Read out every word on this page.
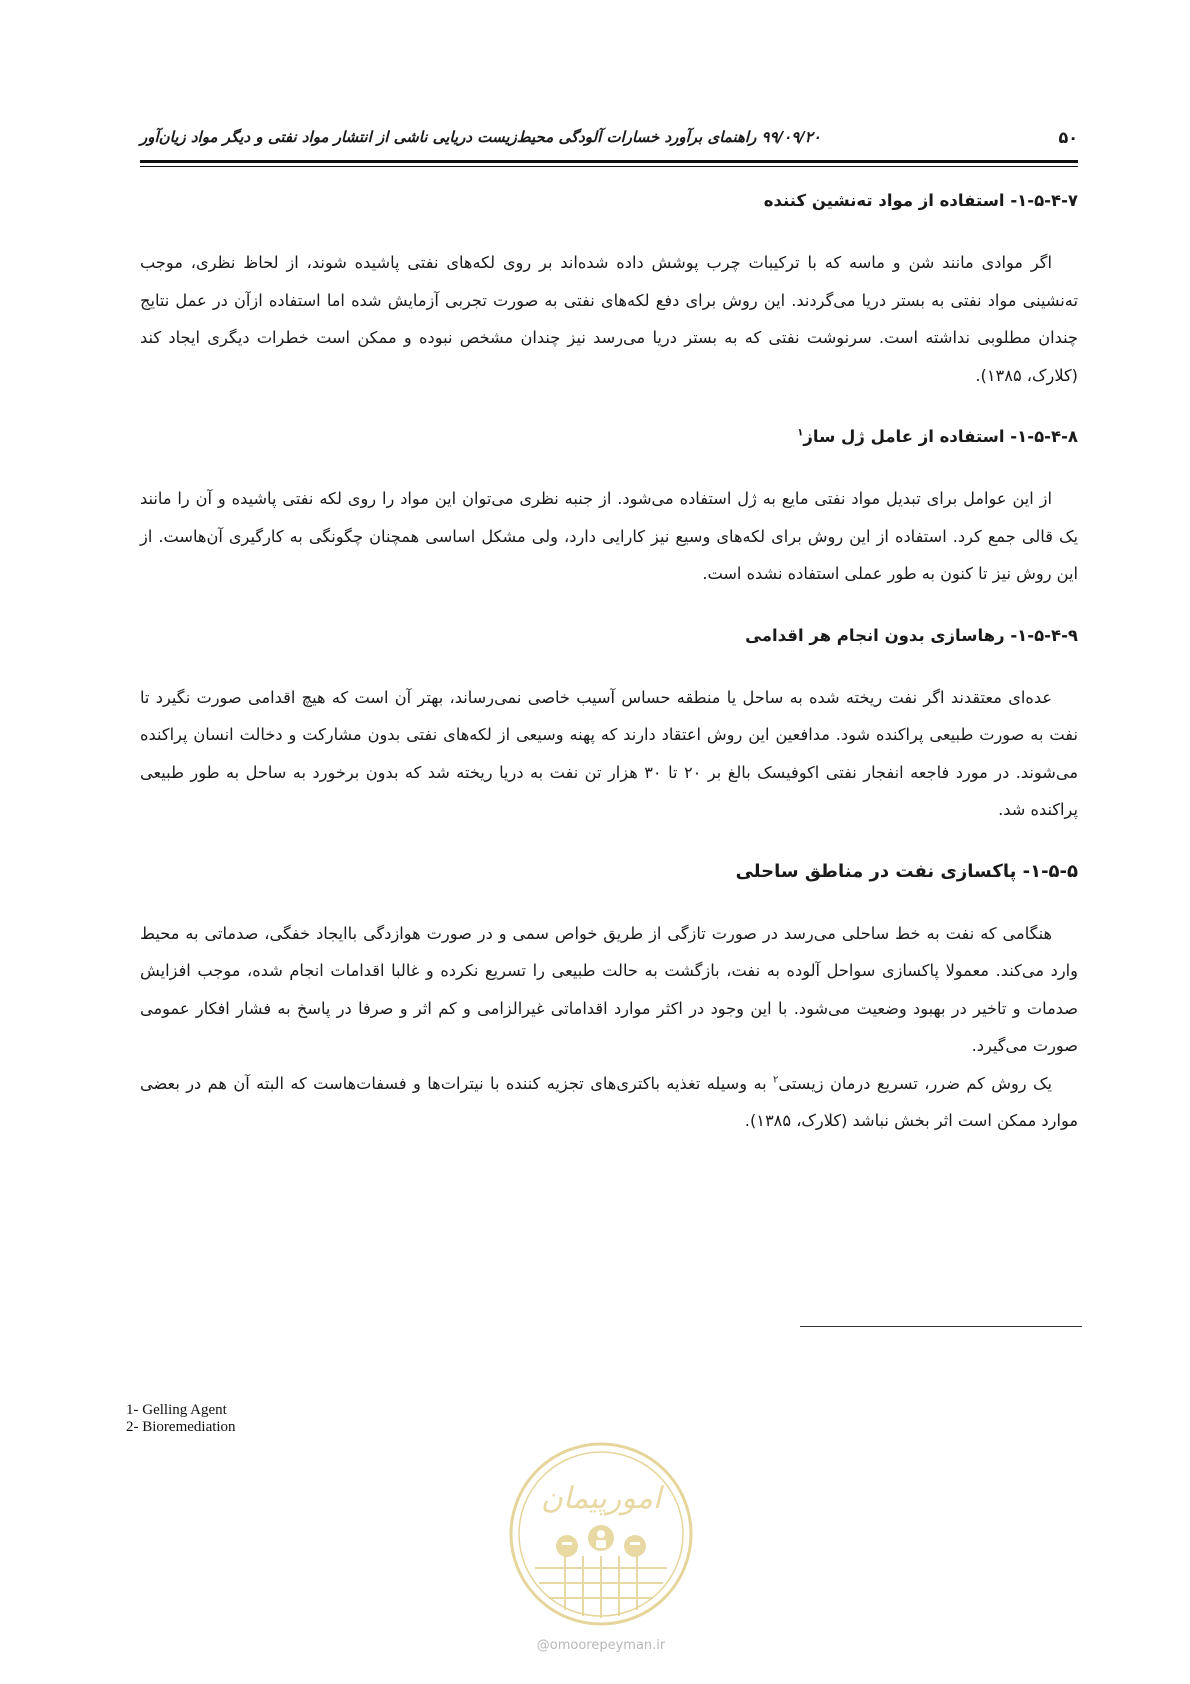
۵۰
۹۹/۰۹/۲۰ راهنمای برآورد خسارات آلودگی محیط‌زیست دریایی ناشی از انتشار مواد نفتی و دیگر مواد زیان‌آور
۱-۵-۴-۷- استفاده از مواد ته‌نشین کننده

اگر موادی مانند شن و ماسه که با ترکیبات چرب پوشش داده شده‌اند بر روی لکه‌های نفتی پاشیده شوند، از لحاظ نظری، موجب ته‌نشینی مواد نفتی به بستر دریا می‌گردند. این روش برای دفع لکه‌های نفتی به صورت تجربی آزمایش شده اما استفاده ازآن در عمل نتایج چندان مطلوبی نداشته است. سرنوشت نفتی که به بستر دریا می‌رسد نیز چندان مشخص نبوده و ممکن است خطرات دیگری ایجاد کند (کلارک، ۱۳۸۵).

۱-۵-۴-۸- استفاده از عامل ژل ساز$^۱$

از این عوامل برای تبدیل مواد نفتی مایع به ژل استفاده می‌شود. از جنبه نظری می‌توان این مواد را روی لکه نفتی پاشیده و آن را مانند یک قالی جمع کرد. استفاده از این روش برای لکه‌های وسیع نیز کارایی دارد، ولی مشکل اساسی همچنان چگونگی به کارگیری آن‌هاست. از این روش نیز تا کنون به طور عملی استفاده نشده است.

۱-۵-۴-۹- رهاسازی بدون انجام هر اقدامی

عده‌ای معتقدند اگر نفت ریخته شده به ساحل یا منطقه حساس آسیب خاصی نمی‌رساند، بهتر آن است که هیچ اقدامی صورت نگیرد تا نفت به صورت طبیعی پراکنده شود. مدافعین این روش اعتقاد دارند که پهنه وسیعی از لکه‌های نفتی بدون مشارکت و دخالت انسان پراکنده می‌شوند. در مورد فاجعه انفجار نفتی اکوفیسک بالغ بر ۲۰ تا ۳۰ هزار تن نفت به دریا ریخته شد که بدون برخورد به ساحل به طور طبیعی پراکنده شد.

۱-۵-۵- پاکسازی نفت در مناطق ساحلی

هنگامی که نفت به خط ساحلی می‌رسد در صورت تازگی از طریق خواص سمی و در صورت هوازدگی باایجاد خفگی، صدماتی به محیط وارد می‌کند. معمولا پاکسازی سواحل آلوده به نفت، بازگشت به حالت طبیعی را تسریع نکرده و غالبا اقدامات انجام شده، موجب افزایش صدمات و تاخیر در بهبود وضعیت می‌شود. با این وجود در اکثر موارد اقداماتی غیرالزامی و کم اثر و صرفا در پاسخ به فشار افکار عمومی صورت می‌گیرد.

یک روش کم ضرر، تسریع درمان زیستی$^۲$ به وسیله تغذیه باکتری‌های تجزیه کننده با نیترات‌ها و فسفات‌هاست که البته آن هم در بعضی موارد ممکن است اثر بخش نباشد (کلارک، ۱۳۸۵).

1- Gelling Agent
2- Bioremediation
امورپیمان
@omoorepeyman.ir
